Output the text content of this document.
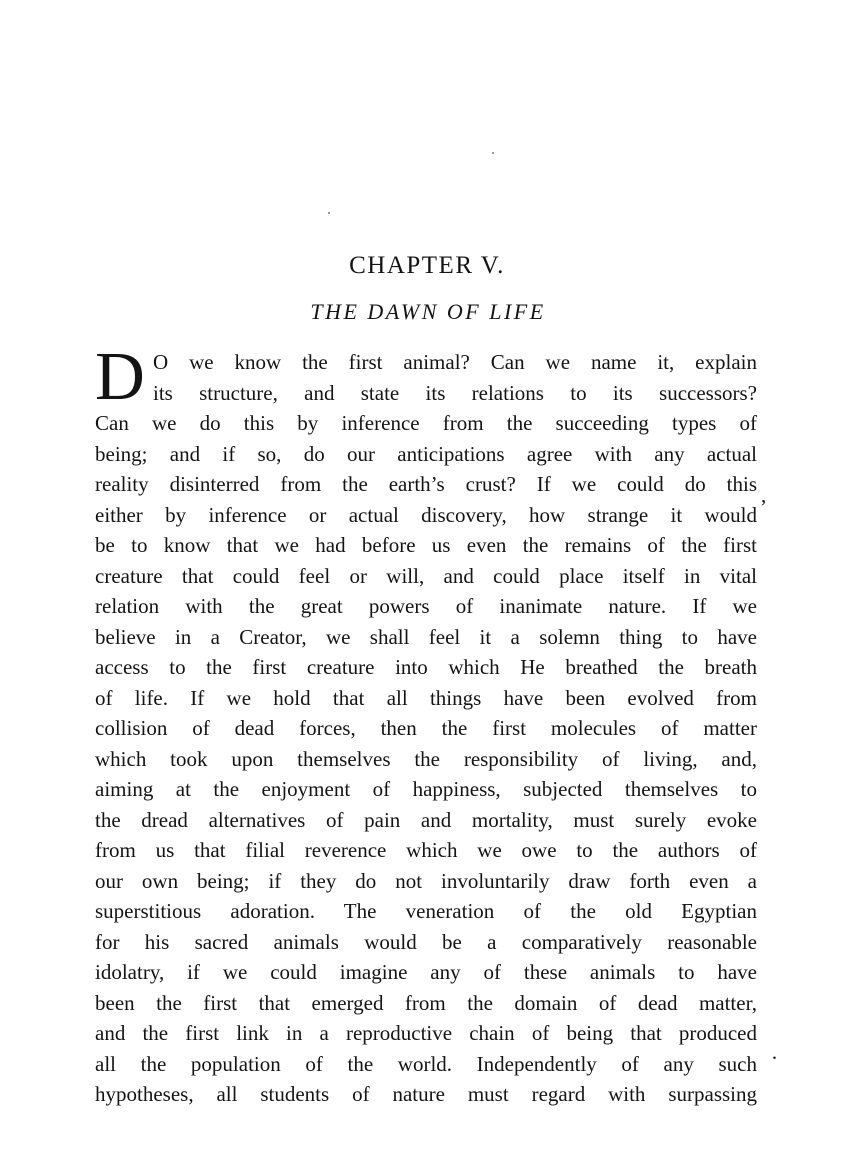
CHAPTER V.
THE DAWN OF LIFE
D O we know the first animal? Can we name it, explain
its structure, and state its relations to its successors?
Can we do this by inference from the succeeding types of
being; and if so, do our anticipations agree with any actual
reality disinterred from the earth’s crust? If we could do this
either by inference or actual discovery, how strange it would
be to know that we had before us even the remains of the first
creature that could feel or will, and could place itself in vital
relation with the great powers of inanimate nature. If we
believe in a Creator, we shall feel it a solemn thing to have
access to the first creature into which He breathed the breath
of life. If we hold that all things have been evolved from
collision of dead forces, then the first molecules of matter
which took upon themselves the responsibility of living, and,
aiming at the enjoyment of happiness, subjected themselves to
the dread alternatives of pain and mortality, must surely evoke
from us that filial reverence which we owe to the authors of
our own being; if they do not involuntarily draw forth even a
superstitious adoration. The veneration of the old Egyptian
for his sacred animals would be a comparatively reasonable
idolatry, if we could imagine any of these animals to have
been the first that emerged from the domain of dead matter,
and the first link in a reproductive chain of being that produced
all the population of the world. Independently of any such
hypotheses, all students of nature must regard with surpassing
,
·
